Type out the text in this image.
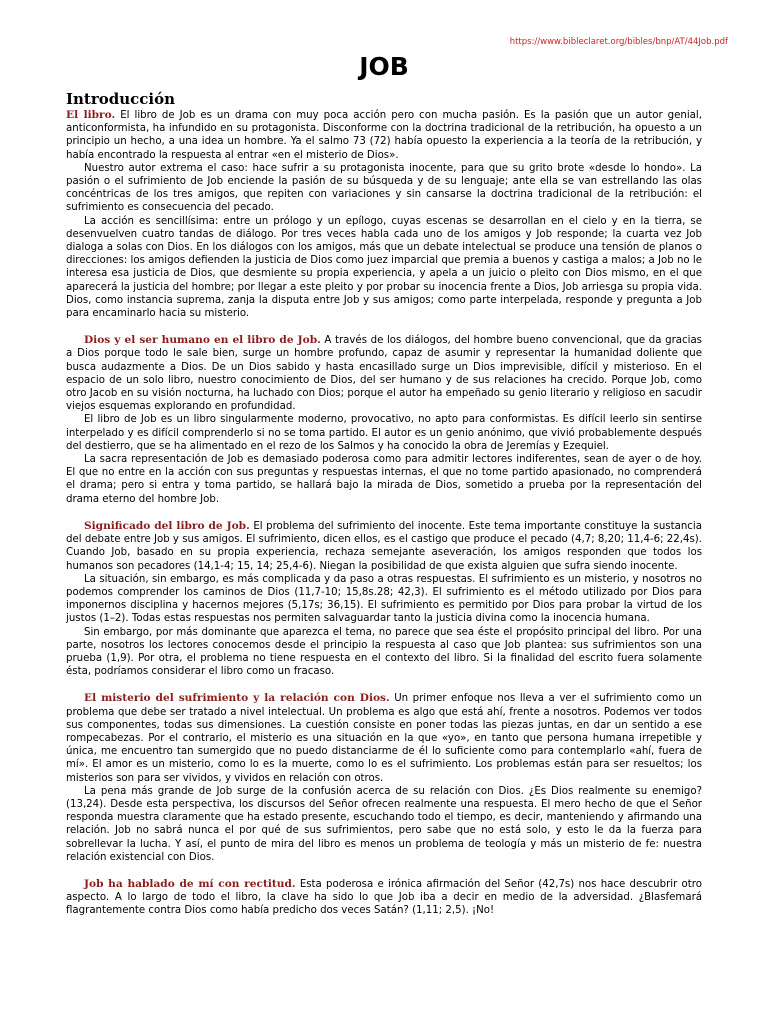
https://www.bibleclaret.org/bibles/bnp/AT/44Job.pdf
JOB
Introducción

El libro. El libro de Job es un drama con muy poca acción pero con mucha pasión. Es la pasión que un autor genial, anticonformista, ha infundido en su protagonista. Disconforme con la doctrina tradicional de la retribución, ha opuesto a un principio un hecho, a una idea un hombre. Ya el salmo 73 (72) había opuesto la experiencia a la teoría de la retribución, y había encontrado la respuesta al entrar «en el misterio de Dios».

Nuestro autor extrema el caso: hace sufrir a su protagonista inocente, para que su grito brote «desde lo hondo». La pasión o el sufrimiento de Job enciende la pasión de su búsqueda y de su lenguaje; ante ella se van estrellando las olas concéntricas de los tres amigos, que repiten con variaciones y sin cansarse la doctrina tradicional de la retribución: el sufrimiento es consecuencia del pecado.

La acción es sencillísima: entre un prólogo y un epílogo, cuyas escenas se desarrollan en el cielo y en la tierra, se desenvuelven cuatro tandas de diálogo. Por tres veces habla cada uno de los amigos y Job responde; la cuarta vez Job dialoga a solas con Dios. En los diálogos con los amigos, más que un debate intelectual se produce una tensión de planos o direcciones: los amigos defienden la justicia de Dios como juez imparcial que premia a buenos y castiga a malos; a Job no le interesa esa justicia de Dios, que desmiente su propia experiencia, y apela a un juicio o pleito con Dios mismo, en el que aparecerá la justicia del hombre; por llegar a este pleito y por probar su inocencia frente a Dios, Job arriesga su propia vida. Dios, como instancia suprema, zanja la disputa entre Job y sus amigos; como parte interpelada, responde y pregunta a Job para encaminarlo hacia su misterio.

Dios y el ser humano en el libro de Job. A través de los diálogos, del hombre bueno convencional, que da gracias a Dios porque todo le sale bien, surge un hombre profundo, capaz de asumir y representar la humanidad doliente que busca audazmente a Dios. De un Dios sabido y hasta encasillado surge un Dios imprevisible, difícil y misterioso. En el espacio de un solo libro, nuestro conocimiento de Dios, del ser humano y de sus relaciones ha crecido. Porque Job, como otro Jacob en su visión nocturna, ha luchado con Dios; porque el autor ha empeñado su genio literario y religioso en sacudir viejos esquemas explorando en profundidad.

El libro de Job es un libro singularmente moderno, provocativo, no apto para conformistas. Es difícil leerlo sin sentirse interpelado y es difícil comprenderlo si no se toma partido. El autor es un genio anónimo, que vivió probablemente después del destierro, que se ha alimentado en el rezo de los Salmos y ha conocido la obra de Jeremías y Ezequiel.

La sacra representación de Job es demasiado poderosa como para admitir lectores indiferentes, sean de ayer o de hoy. El que no entre en la acción con sus preguntas y respuestas internas, el que no tome partido apasionado, no comprenderá el drama; pero si entra y toma partido, se hallará bajo la mirada de Dios, sometido a prueba por la representación del drama eterno del hombre Job.

Significado del libro de Job. El problema del sufrimiento del inocente. Este tema importante constituye la sustancia del debate entre Job y sus amigos. El sufrimiento, dicen ellos, es el castigo que produce el pecado (4,7; 8,20; 11,4-6; 22,4s). Cuando Job, basado en su propia experiencia, rechaza semejante aseveración, los amigos responden que todos los humanos son pecadores (14,1-4; 15, 14; 25,4-6). Niegan la posibilidad de que exista alguien que sufra siendo inocente.

La situación, sin embargo, es más complicada y da paso a otras respuestas. El sufrimiento es un misterio, y nosotros no podemos comprender los caminos de Dios (11,7-10; 15,8s.28; 42,3). El sufrimiento es el método utilizado por Dios para imponernos disciplina y hacernos mejores (5,17s; 36,15). El sufrimiento es permitido por Dios para probar la virtud de los justos (1–2). Todas estas respuestas nos permiten salvaguardar tanto la justicia divina como la inocencia humana.

Sin embargo, por más dominante que aparezca el tema, no parece que sea éste el propósito principal del libro. Por una parte, nosotros los lectores conocemos desde el principio la respuesta al caso que Job plantea: sus sufrimientos son una prueba (1,9). Por otra, el problema no tiene respuesta en el contexto del libro. Si la finalidad del escrito fuera solamente ésta, podríamos considerar el libro como un fracaso.

El misterio del sufrimiento y la relación con Dios. Un primer enfoque nos lleva a ver el sufrimiento como un problema que debe ser tratado a nivel intelectual. Un problema es algo que está ahí, frente a nosotros. Podemos ver todos sus componentes, todas sus dimensiones. La cuestión consiste en poner todas las piezas juntas, en dar un sentido a ese rompecabezas. Por el contrario, el misterio es una situación en la que «yo», en tanto que persona humana irrepetible y única, me encuentro tan sumergido que no puedo distanciarme de él lo suficiente como para contemplarlo «ahí, fuera de mí». El amor es un misterio, como lo es la muerte, como lo es el sufrimiento. Los problemas están para ser resueltos; los misterios son para ser vividos, y vividos en relación con otros.

La pena más grande de Job surge de la confusión acerca de su relación con Dios. ¿Es Dios realmente su enemigo? (13,24). Desde esta perspectiva, los discursos del Señor ofrecen realmente una respuesta. El mero hecho de que el Señor responda muestra claramente que ha estado presente, escuchando todo el tiempo, es decir, manteniendo y afirmando una relación. Job no sabrá nunca el por qué de sus sufrimientos, pero sabe que no está solo, y esto le da la fuerza para sobrellevar la lucha. Y así, el punto de mira del libro es menos un problema de teología y más un misterio de fe: nuestra relación existencial con Dios.

Job ha hablado de mí con rectitud. Esta poderosa e irónica afirmación del Señor (42,7s) nos hace descubrir otro aspecto. A lo largo de todo el libro, la clave ha sido lo que Job iba a decir en medio de la adversidad. ¿Blasfemará flagrantemente contra Dios como había predicho dos veces Satán? (1,11; 2,5). ¡No!
